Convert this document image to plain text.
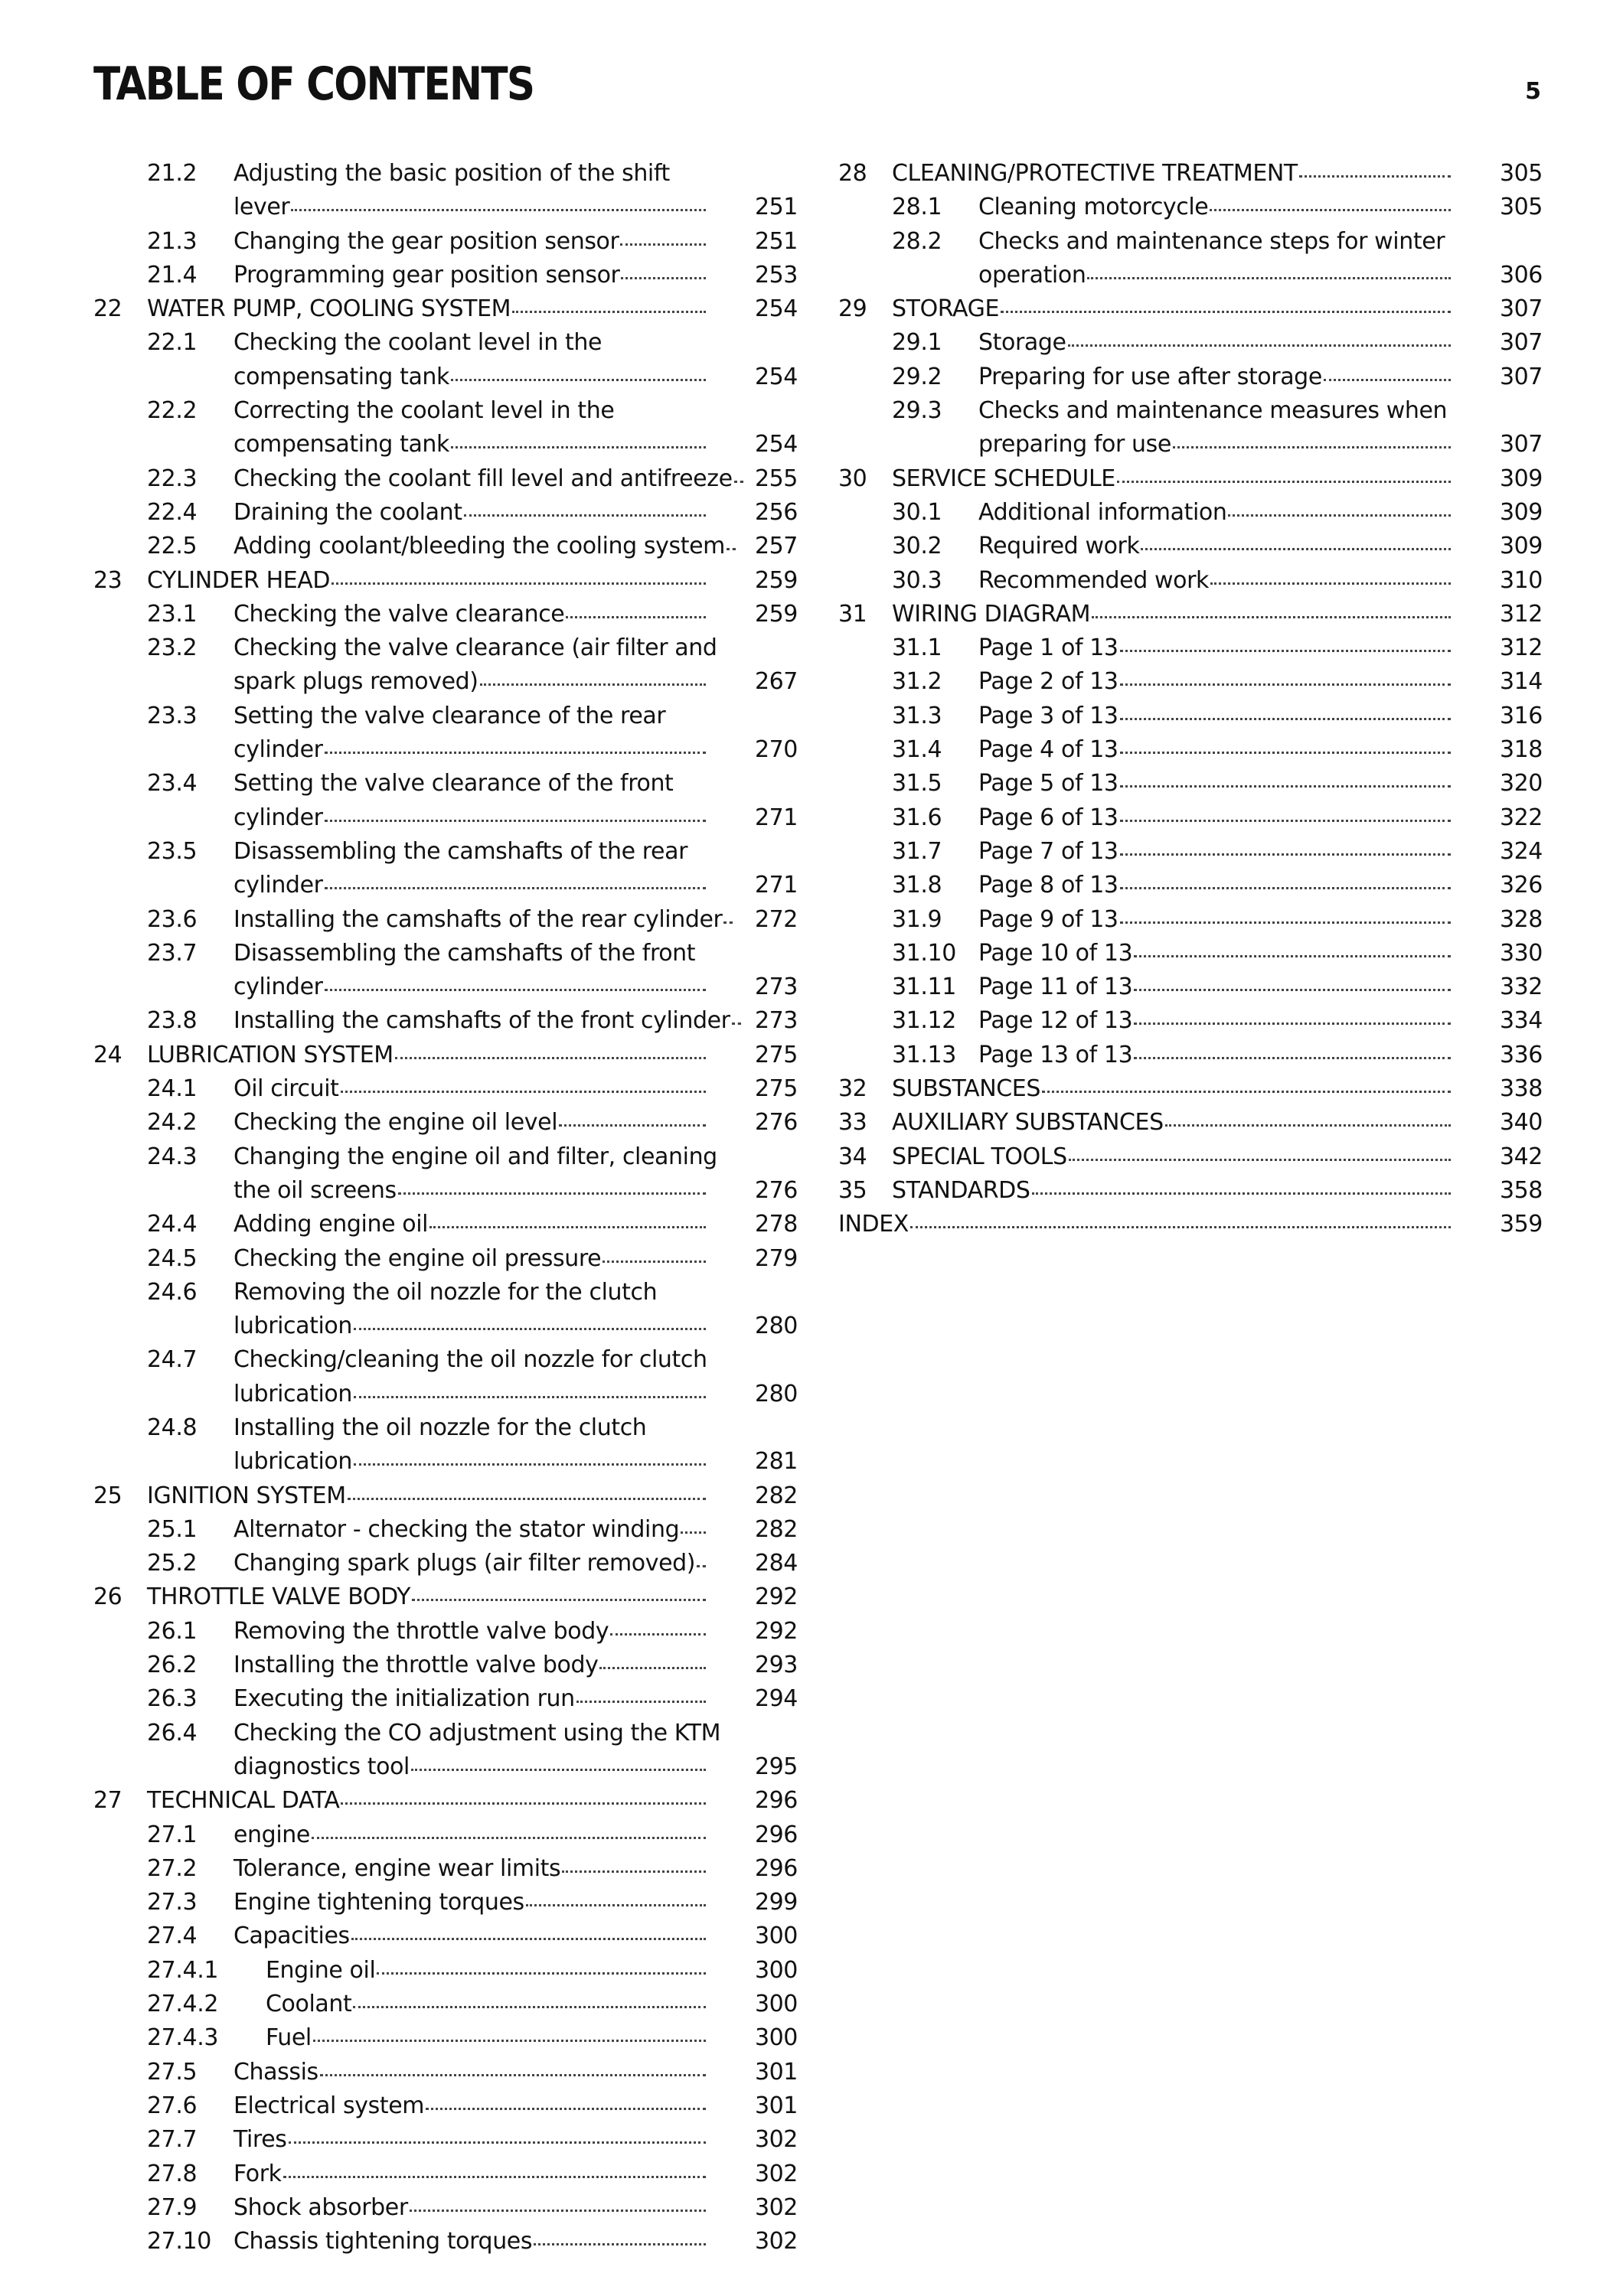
TABLE OF CONTENTS	5
21.2 Adjusting the basic position of the shift
lever	251
21.3 Changing the gear position sensor	251
21.4 Programming gear position sensor	253
22 WATER PUMP, COOLING SYSTEM	254
22.1 Checking the coolant level in the
compensating tank	254
22.2 Correcting the coolant level in the
compensating tank	254
22.3 Checking the coolant fill level and antifreeze 255
22.4 Draining the coolant	256
22.5 Adding coolant/bleeding the cooling system	257
23 CYLINDER HEAD	259
23.1 Checking the valve clearance	259
23.2 Checking the valve clearance (air filter and
spark plugs removed)	267
23.3 Setting the valve clearance of the rear
cylinder	270
23.4 Setting the valve clearance of the front
cylinder	271
23.5 Disassembling the camshafts of the rear
cylinder	271
23.6 Installing the camshafts of the rear cylinder	272
23.7 Disassembling the camshafts of the front
cylinder	273
23.8 Installing the camshafts of the front cylinder	273
24 LUBRICATION SYSTEM	275
24.1 Oil circuit	275
24.2 Checking the engine oil level	276
24.3 Changing the engine oil and filter, cleaning
the oil screens	276
24.4 Adding engine oil	278
24.5 Checking the engine oil pressure	279
24.6 Removing the oil nozzle for the clutch
lubrication	280
24.7 Checking/cleaning the oil nozzle for clutch
lubrication	280
24.8 Installing the oil nozzle for the clutch
lubrication	281
25 IGNITION SYSTEM	282
25.1 Alternator - checking the stator winding	282
25.2 Changing spark plugs (air filter removed)	284
26 THROTTLE VALVE BODY	292
26.1 Removing the throttle valve body	292
26.2 Installing the throttle valve body	293
26.3 Executing the initialization run	294
26.4 Checking the CO adjustment using the KTM
diagnostics tool	295
27 TECHNICAL DATA	296
27.1 engine	296
27.2 Tolerance, engine wear limits	296
27.3 Engine tightening torques	299
27.4 Capacities	300
27.4.1 Engine oil	300
27.4.2 Coolant	300
27.4.3 Fuel	300
27.5 Chassis	301
27.6 Electrical system	301
27.7 Tires	302
27.8 Fork	302
27.9 Shock absorber	302
27.10 Chassis tightening torques	302
28 CLEANING/PROTECTIVE TREATMENT	305
28.1 Cleaning motorcycle	305
28.2 Checks and maintenance steps for winter
operation	306
29 STORAGE	307
29.1 Storage	307
29.2 Preparing for use after storage	307
29.3 Checks and maintenance measures when
preparing for use	307
30 SERVICE SCHEDULE	309
30.1 Additional information	309
30.2 Required work	309
30.3 Recommended work	310
31 WIRING DIAGRAM	312
31.1 Page 1 of 13	312
31.2 Page 2 of 13	314
31.3 Page 3 of 13	316
31.4 Page 4 of 13	318
31.5 Page 5 of 13	320
31.6 Page 6 of 13	322
31.7 Page 7 of 13	324
31.8 Page 8 of 13	326
31.9 Page 9 of 13	328
31.10 Page 10 of 13	330
31.11 Page 11 of 13	332
31.12 Page 12 of 13	334
31.13 Page 13 of 13	336
32 SUBSTANCES	338
33 AUXILIARY SUBSTANCES	340
34 SPECIAL TOOLS	342
35 STANDARDS	358
INDEX	359
